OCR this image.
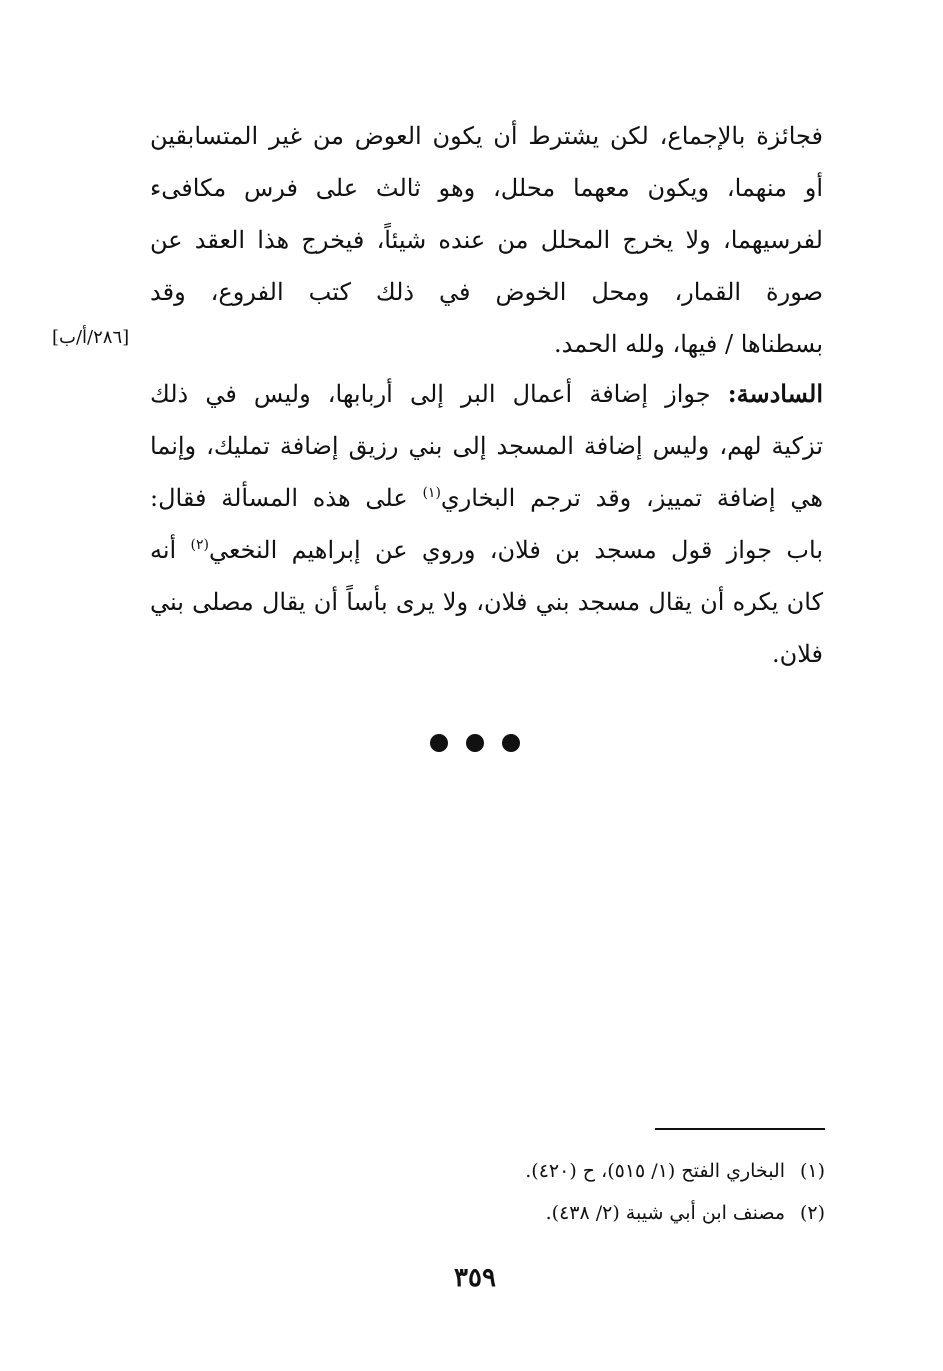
فجائزة بالإجماع، لكن يشترط أن يكون العوض من غير المتسابقين
أو منهما، ويكون معهما محلل، وهو ثالث على فرس مكافىء
لفرسيهما، ولا يخرج المحلل من عنده شيئاً، فيخرج هذا العقد عن
صورة القمار، ومحل الخوض في ذلك كتب الفروع، وقد
بسطناها / فيها، ولله الحمد.
[٢٨٦/أ/ب]
السادسة: جواز إضافة أعمال البر إلى أربابها، وليس في ذلك
تزكية لهم، وليس إضافة المسجد إلى بني رزيق إضافة تمليك، وإنما
هي إضافة تمييز، وقد ترجم البخاري$^{(١)}$ على هذه المسألة فقال:
باب جواز قول مسجد بن فلان، وروي عن إبراهيم النخعي$^{(٢)}$ أنه
كان يكره أن يقال مسجد بني فلان، ولا يرى بأساً أن يقال مصلى بني
فلان.
(١)البخاري الفتح (١/ ٥١٥)، ح (٤٢٠).
(٢)مصنف ابن أبي شيبة (٢/ ٤٣٨).
٣٥٩
